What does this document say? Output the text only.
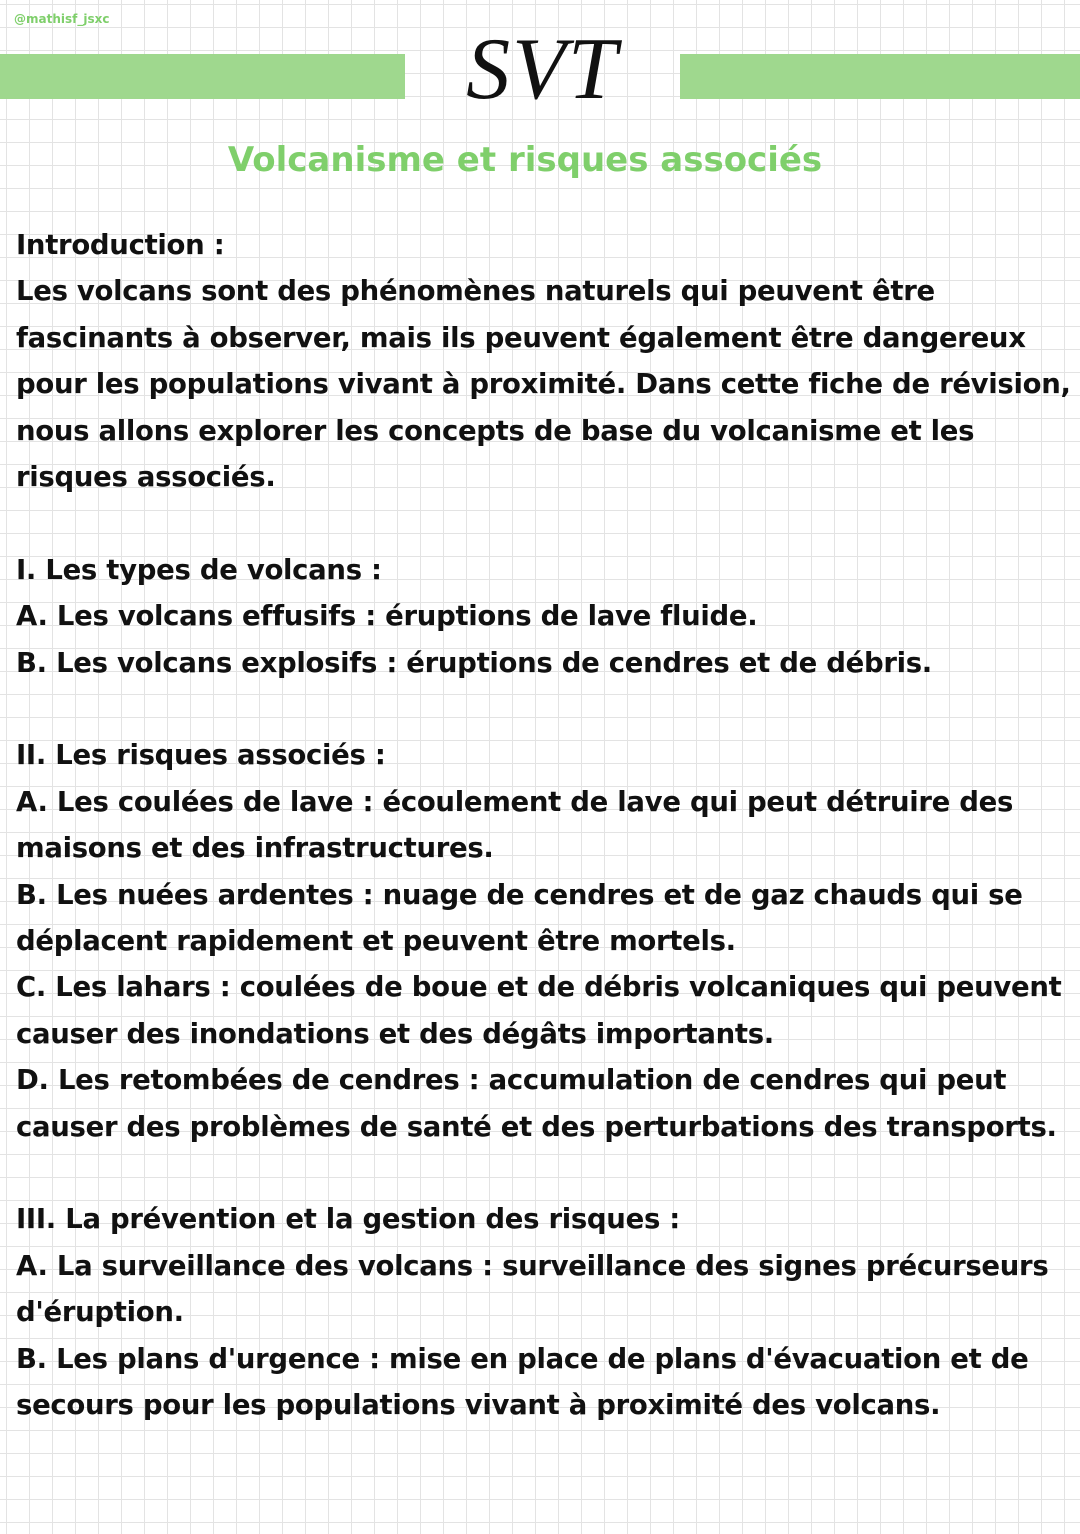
@mathisf_jsxc
SVT
Volcanisme et risques associés

Introduction :

Les volcans sont des phénomènes naturels qui peuvent être fascinants à observer, mais ils peuvent également être dangereux pour les populations vivant à proximité. Dans cette fiche de révision, nous allons explorer les concepts de base du volcanisme et les risques associés.

I. Les types de volcans :

A. Les volcans effusifs : éruptions de lave fluide.

B. Les volcans explosifs : éruptions de cendres et de débris.

II. Les risques associés :

A. Les coulées de lave : écoulement de lave qui peut détruire des maisons et des infrastructures.

B. Les nuées ardentes : nuage de cendres et de gaz chauds qui se déplacent rapidement et peuvent être mortels.

C. Les lahars : coulées de boue et de débris volcaniques qui peuvent causer des inondations et des dégâts importants.

D. Les retombées de cendres : accumulation de cendres qui peut causer des problèmes de santé et des perturbations des transports.

III. La prévention et la gestion des risques :

A. La surveillance des volcans : surveillance des signes précurseurs d'éruption.

B. Les plans d'urgence : mise en place de plans d'évacuation et de secours pour les populations vivant à proximité des volcans.
